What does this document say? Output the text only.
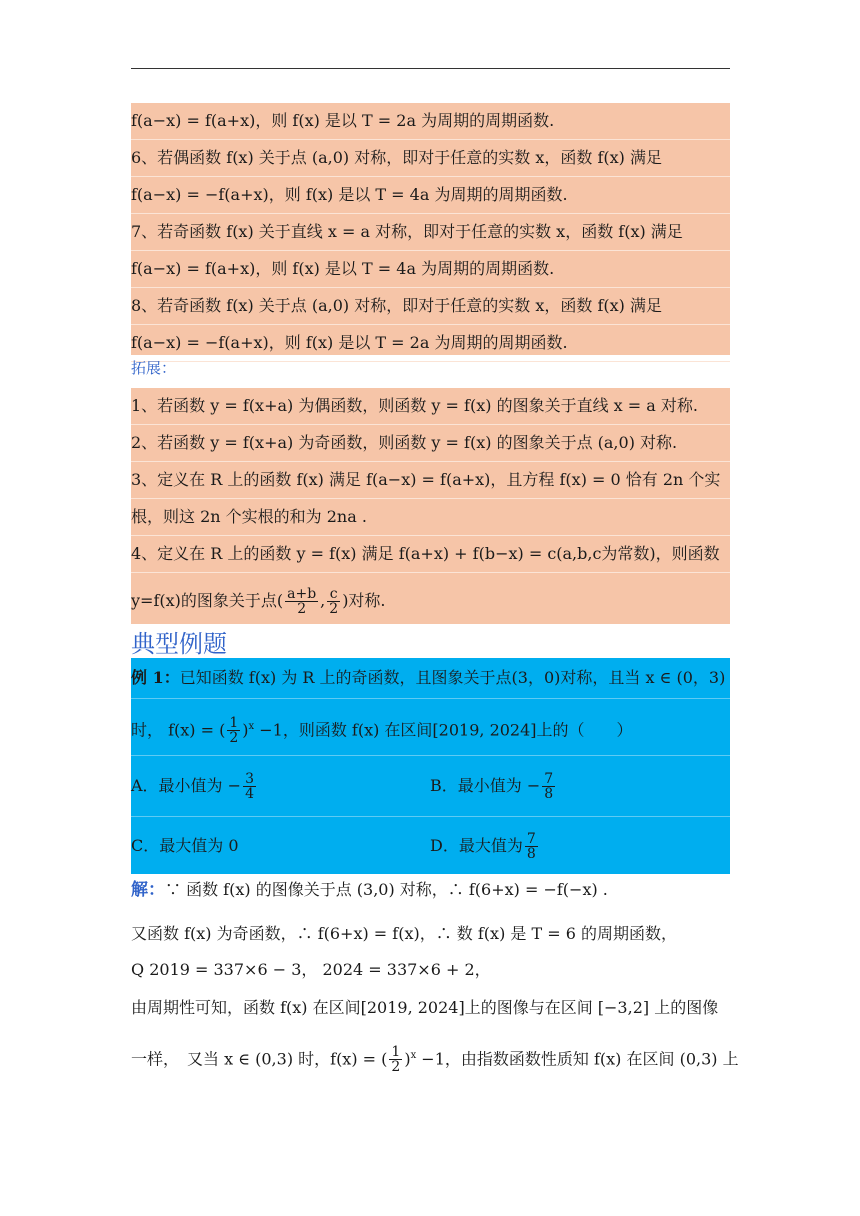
f(a−x) = f(a+x)，则 f(x) 是以 T = 2a 为周期的周期函数.
6、若偶函数 f(x) 关于点 (a,0) 对称，即对于任意的实数 x，函数 f(x) 满足
f(a−x) = −f(a+x)，则 f(x) 是以 T = 4a 为周期的周期函数.
7、若奇函数 f(x) 关于直线 x = a 对称，即对于任意的实数 x，函数 f(x) 满足
f(a−x) = f(a+x)，则 f(x) 是以 T = 4a 为周期的周期函数.
8、若奇函数 f(x) 关于点 (a,0) 对称，即对于任意的实数 x，函数 f(x) 满足
f(a−x) = −f(a+x)，则 f(x) 是以 T = 2a 为周期的周期函数.
拓展：
1、若函数 y = f(x+a) 为偶函数，则函数 y = f(x) 的图象关于直线 x = a 对称.
2、若函数 y = f(x+a) 为奇函数，则函数 y = f(x) 的图象关于点 (a,0) 对称.
3、定义在 R 上的函数 f(x) 满足 f(a−x) = f(a+x)，且方程 f(x) = 0 恰有 2n 个实
根，则这 2n 个实根的和为 2na .
4、定义在 R 上的函数 y = f(x) 满足 f(a+x) + f(b−x) = c(a,b,c为常数)，则函数
y=f(x)的图象关于点( $\frac{a+b}{2}$ , $\frac{c}{2}$ )对称.
典型例题
例 1：已知函数 f(x) 为 R 上的奇函数，且图象关于点(3，0)对称，且当 x ∈ (0，3)
时， f(x) = ( $\frac{1}{2} )^x -1$，则函数 f(x) 在区间[2019, 2024]上的（　　）
A．最小值为 − $\frac{3}{4}$	B．最小值为 − $\frac{7}{8}$
C．最大值为 0	D．最大值为 $\frac{7}{8}$
解：∵ 函数 f(x) 的图像关于点 (3,0) 对称，∴ f(6+x) = −f(−x) .
又函数 f(x) 为奇函数，∴ f(6+x) = f(x)，∴ 数 f(x) 是 T = 6 的周期函数，
Q 2019 = 337×6 − 3， 2024 = 337×6 + 2，
由周期性可知，函数 f(x) 在区间[2019, 2024]上的图像与在区间 [−3,2] 上的图像
一样，　又当 x ∈ (0,3) 时，f(x) = ( $\frac{1}{2} )^x -1$，由指数函数性质知 f(x) 在区间 (0,3) 上
